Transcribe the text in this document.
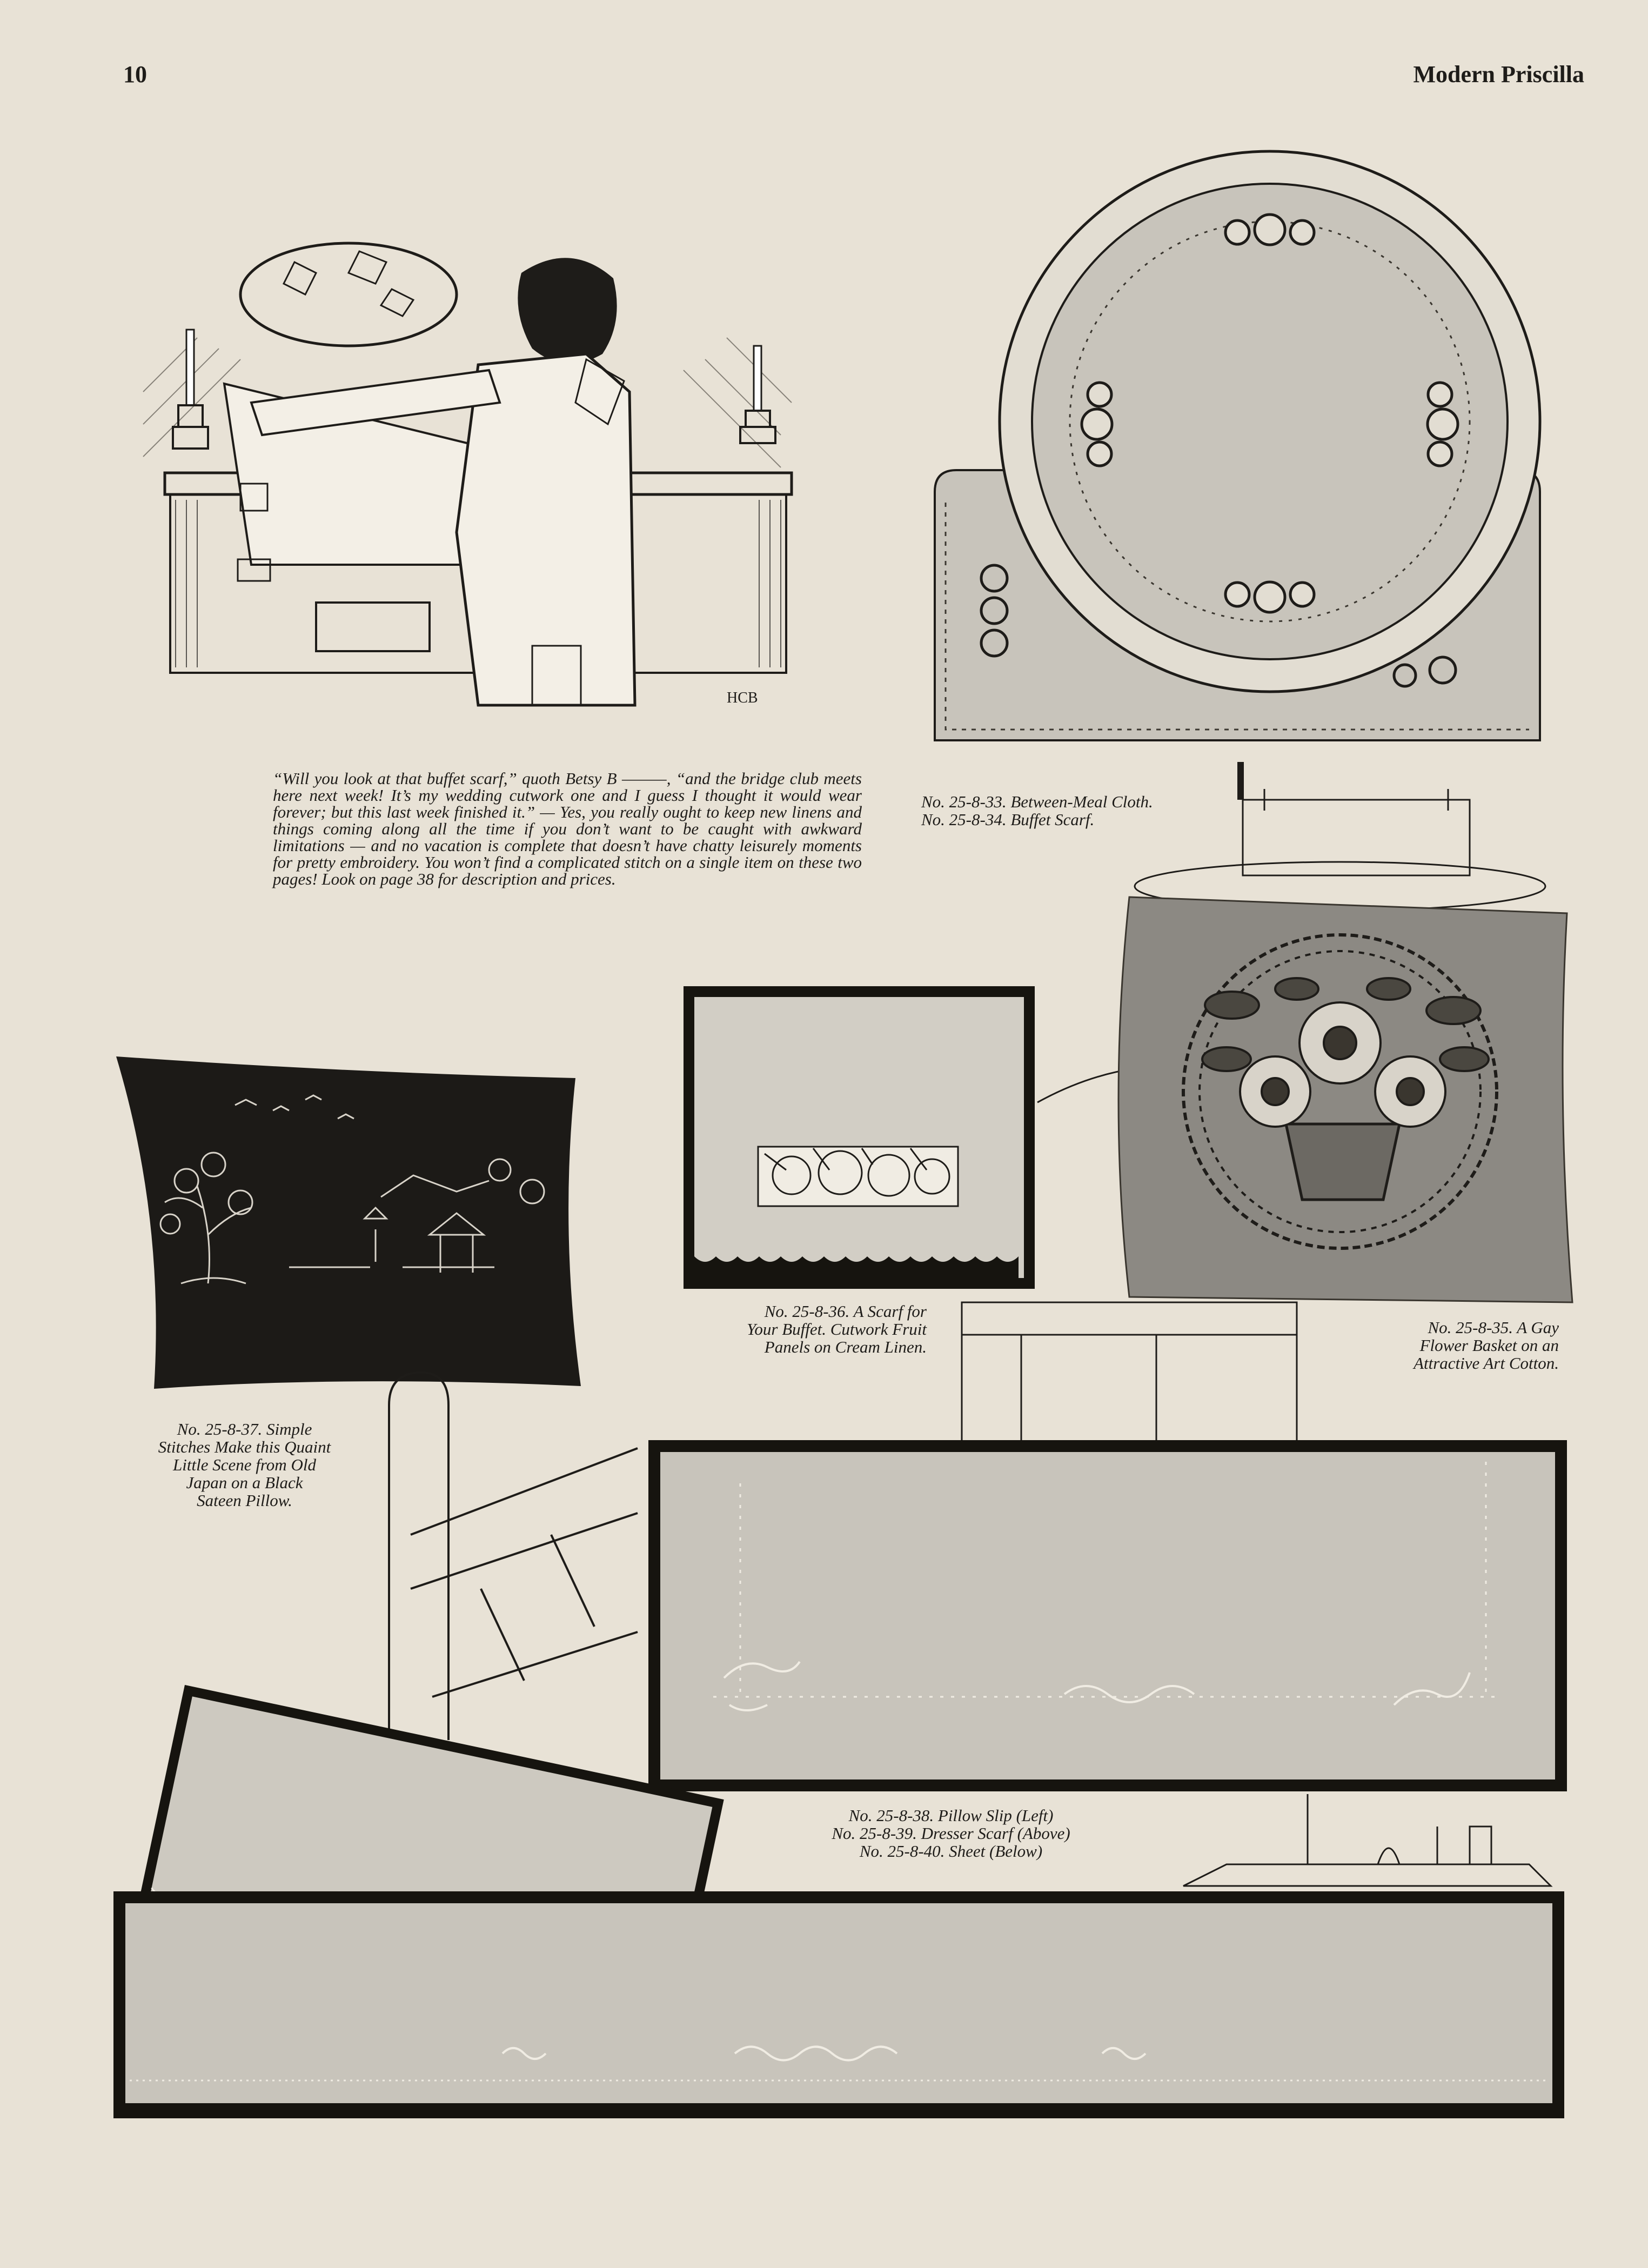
10	Modern Priscilla
HCB
“Will you look at that buffet scarf,” quoth Betsy B ———, “and the bridge club meets here next week! It’s my wedding cutwork one and I guess I thought it would wear forever; but this last week finished it.” — Yes, you really ought to keep new linens and things coming along all the time if you don’t want to be caught with awkward limitations — and no vacation is complete that doesn’t have chatty leisurely moments for pretty embroidery. You won’t find a complicated stitch on a single item on these two pages! Look on page 38 for description and prices.
No. 25-8-33. Between-Meal Cloth.
No. 25-8-34. Buffet Scarf.
No. 25-8-36. A Scarf for
Your Buffet. Cutwork Fruit
Panels on Cream Linen.
No. 25-8-35. A Gay
Flower Basket on an
Attractive Art Cotton.
No. 25-8-37. Simple
Stitches Make this Quaint
Little Scene from Old
Japan on a Black
Sateen Pillow.
No. 25-8-38. Pillow Slip (Left)
No. 25-8-39. Dresser Scarf (Above)
No. 25-8-40. Sheet (Below)
